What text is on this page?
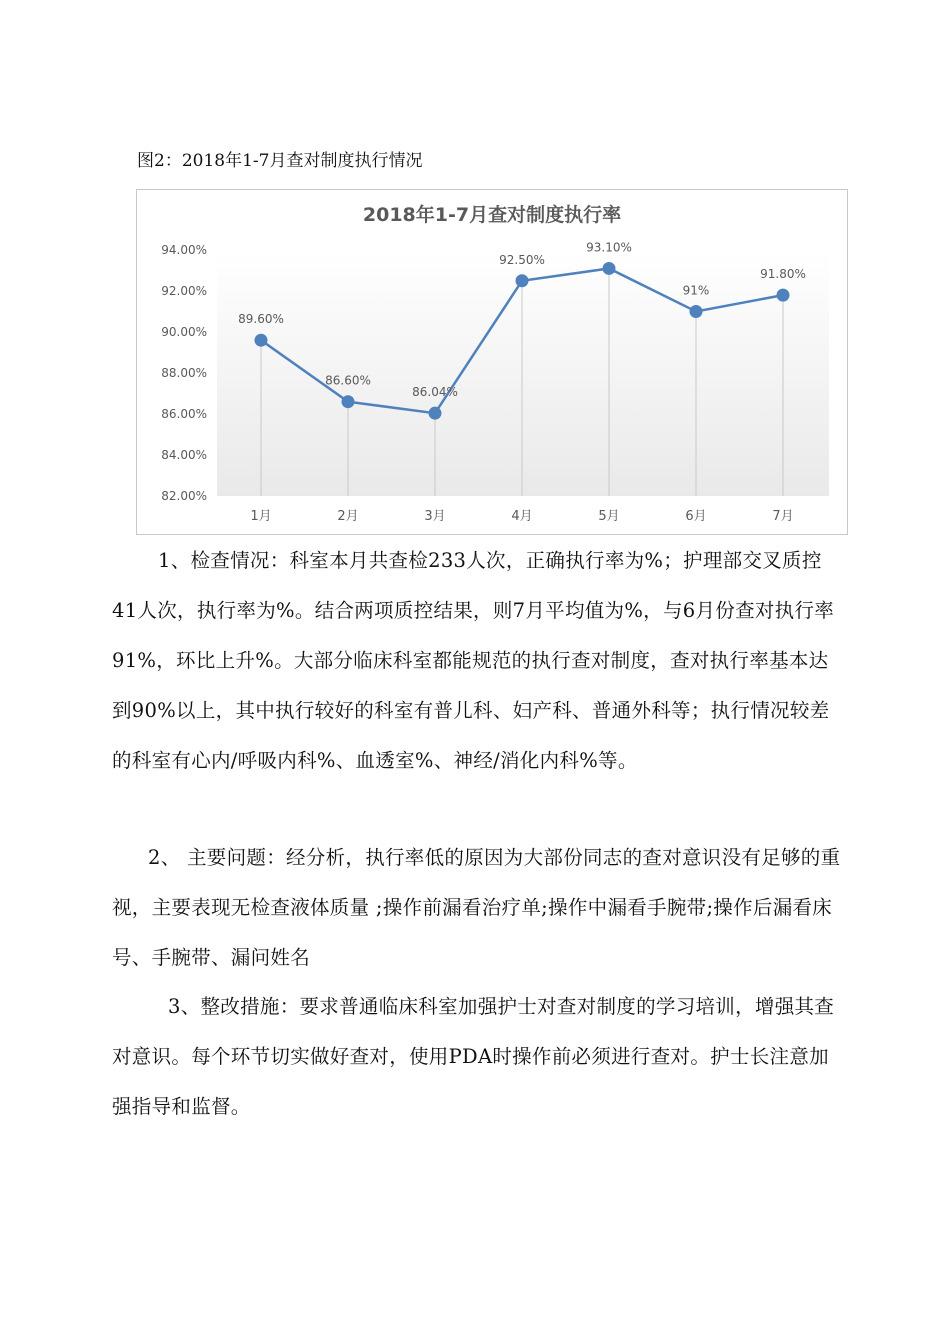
图2：2018年1-7月查对制度执行情况
2018年1-7月查对制度执行率
82.00%
84.00%
86.00%
88.00%
90.00%
92.00%
94.00%
89.60%
86.60%
86.04%
92.50%
93.10%
91%
91.80%
1月	2月	3月	4月	5月	6月	7月
1、检查情况：科室本月共查检233人次，正确执行率为%；护理部交叉质控41人次，执行率为%。结合两项质控结果，则7月平均值为%，与6月份查对执行率91%，环比上升%。大部分临床科室都能规范的执行查对制度，查对执行率基本达到90%以上，其中执行较好的科室有普儿科、妇产科、普通外科等；执行情况较差的科室有心内/呼吸内科%、血透室%、神经/消化内科%等。
2、 主要问题：经分析，执行率低的原因为大部份同志的查对意识没有足够的重视，主要表现无检查液体质量 ;操作前漏看治疗单;操作中漏看手腕带;操作后漏看床号、手腕带、漏问姓名
3、整改措施：要求普通临床科室加强护士对查对制度的学习培训，增强其查对意识。每个环节切实做好查对，使用PDA时操作前必须进行查对。护士长注意加强指导和监督。
